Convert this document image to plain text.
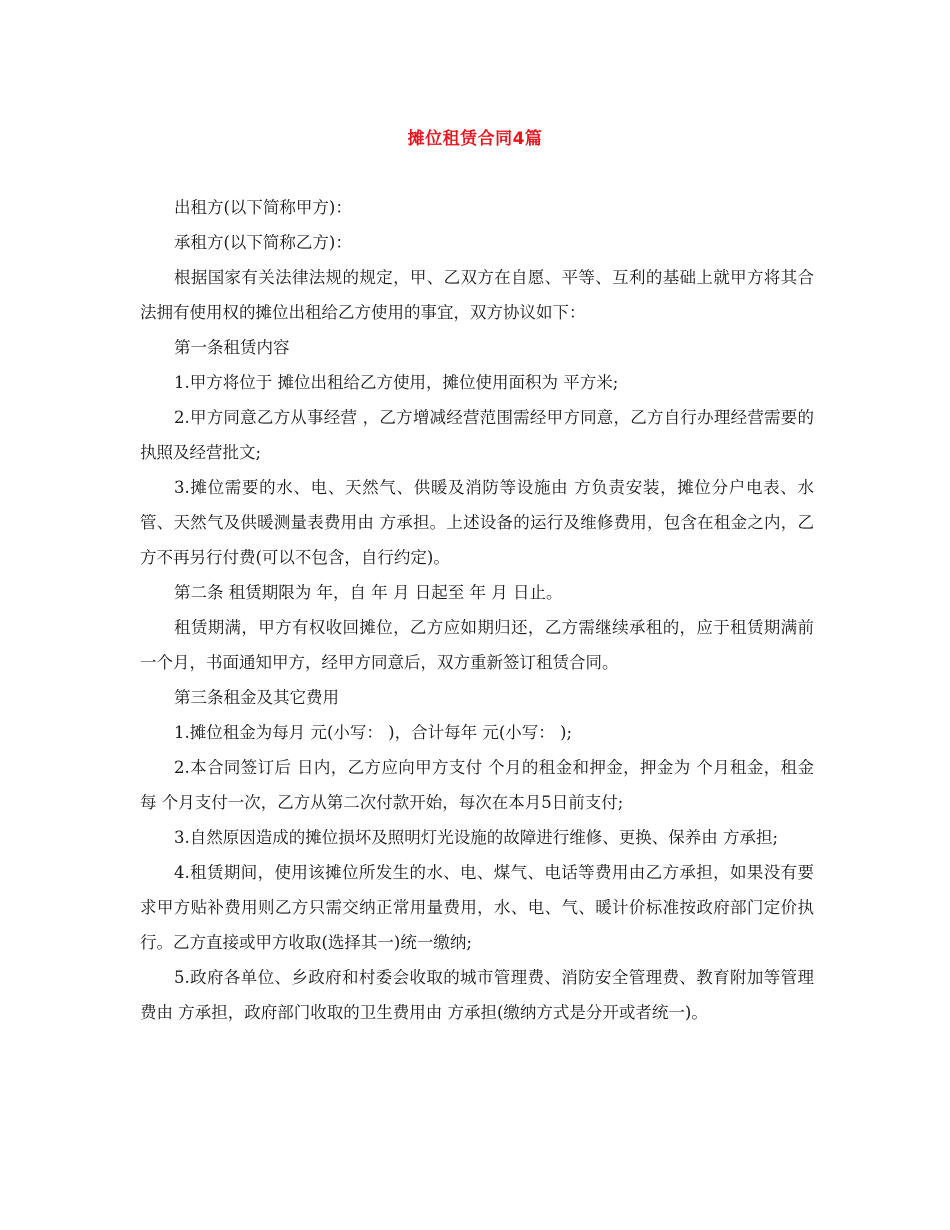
摊位租赁合同4篇

出租方(以下简称甲方)：

承租方(以下简称乙方)：

根据国家有关法律法规的规定，甲、乙双方在自愿、平等、互利的基础上就甲方将其合法拥有使用权的摊位出租给乙方使用的事宜，双方协议如下：

第一条租赁内容

1.甲方将位于 摊位出租给乙方使用，摊位使用面积为 平方米;

2.甲方同意乙方从事经营 ，乙方增减经营范围需经甲方同意，乙方自行办理经营需要的执照及经营批文;

3.摊位需要的水、电、天然气、供暖及消防等设施由 方负责安装，摊位分户电表、水管、天然气及供暖测量表费用由 方承担。上述设备的运行及维修费用，包含在租金之内，乙方不再另行付费(可以不包含，自行约定)。

第二条 租赁期限为 年，自 年 月 日起至 年 月 日止。

租赁期满，甲方有权收回摊位，乙方应如期归还，乙方需继续承租的，应于租赁期满前一个月，书面通知甲方，经甲方同意后，双方重新签订租赁合同。

第三条租金及其它费用

1.摊位租金为每月 元(小写： )，合计每年 元(小写： );

2.本合同签订后 日内，乙方应向甲方支付 个月的租金和押金，押金为 个月租金，租金每 个月支付一次，乙方从第二次付款开始，每次在本月5日前支付;

3.自然原因造成的摊位损坏及照明灯光设施的故障进行维修、更换、保养由 方承担;

4.租赁期间，使用该摊位所发生的水、电、煤气、电话等费用由乙方承担，如果没有要求甲方贴补费用则乙方只需交纳正常用量费用，水、电、气、暖计价标准按政府部门定价执行。乙方直接或甲方收取(选择其一)统一缴纳;

5.政府各单位、乡政府和村委会收取的城市管理费、消防安全管理费、教育附加等管理费由 方承担，政府部门收取的卫生费用由 方承担(缴纳方式是分开或者统一)。
